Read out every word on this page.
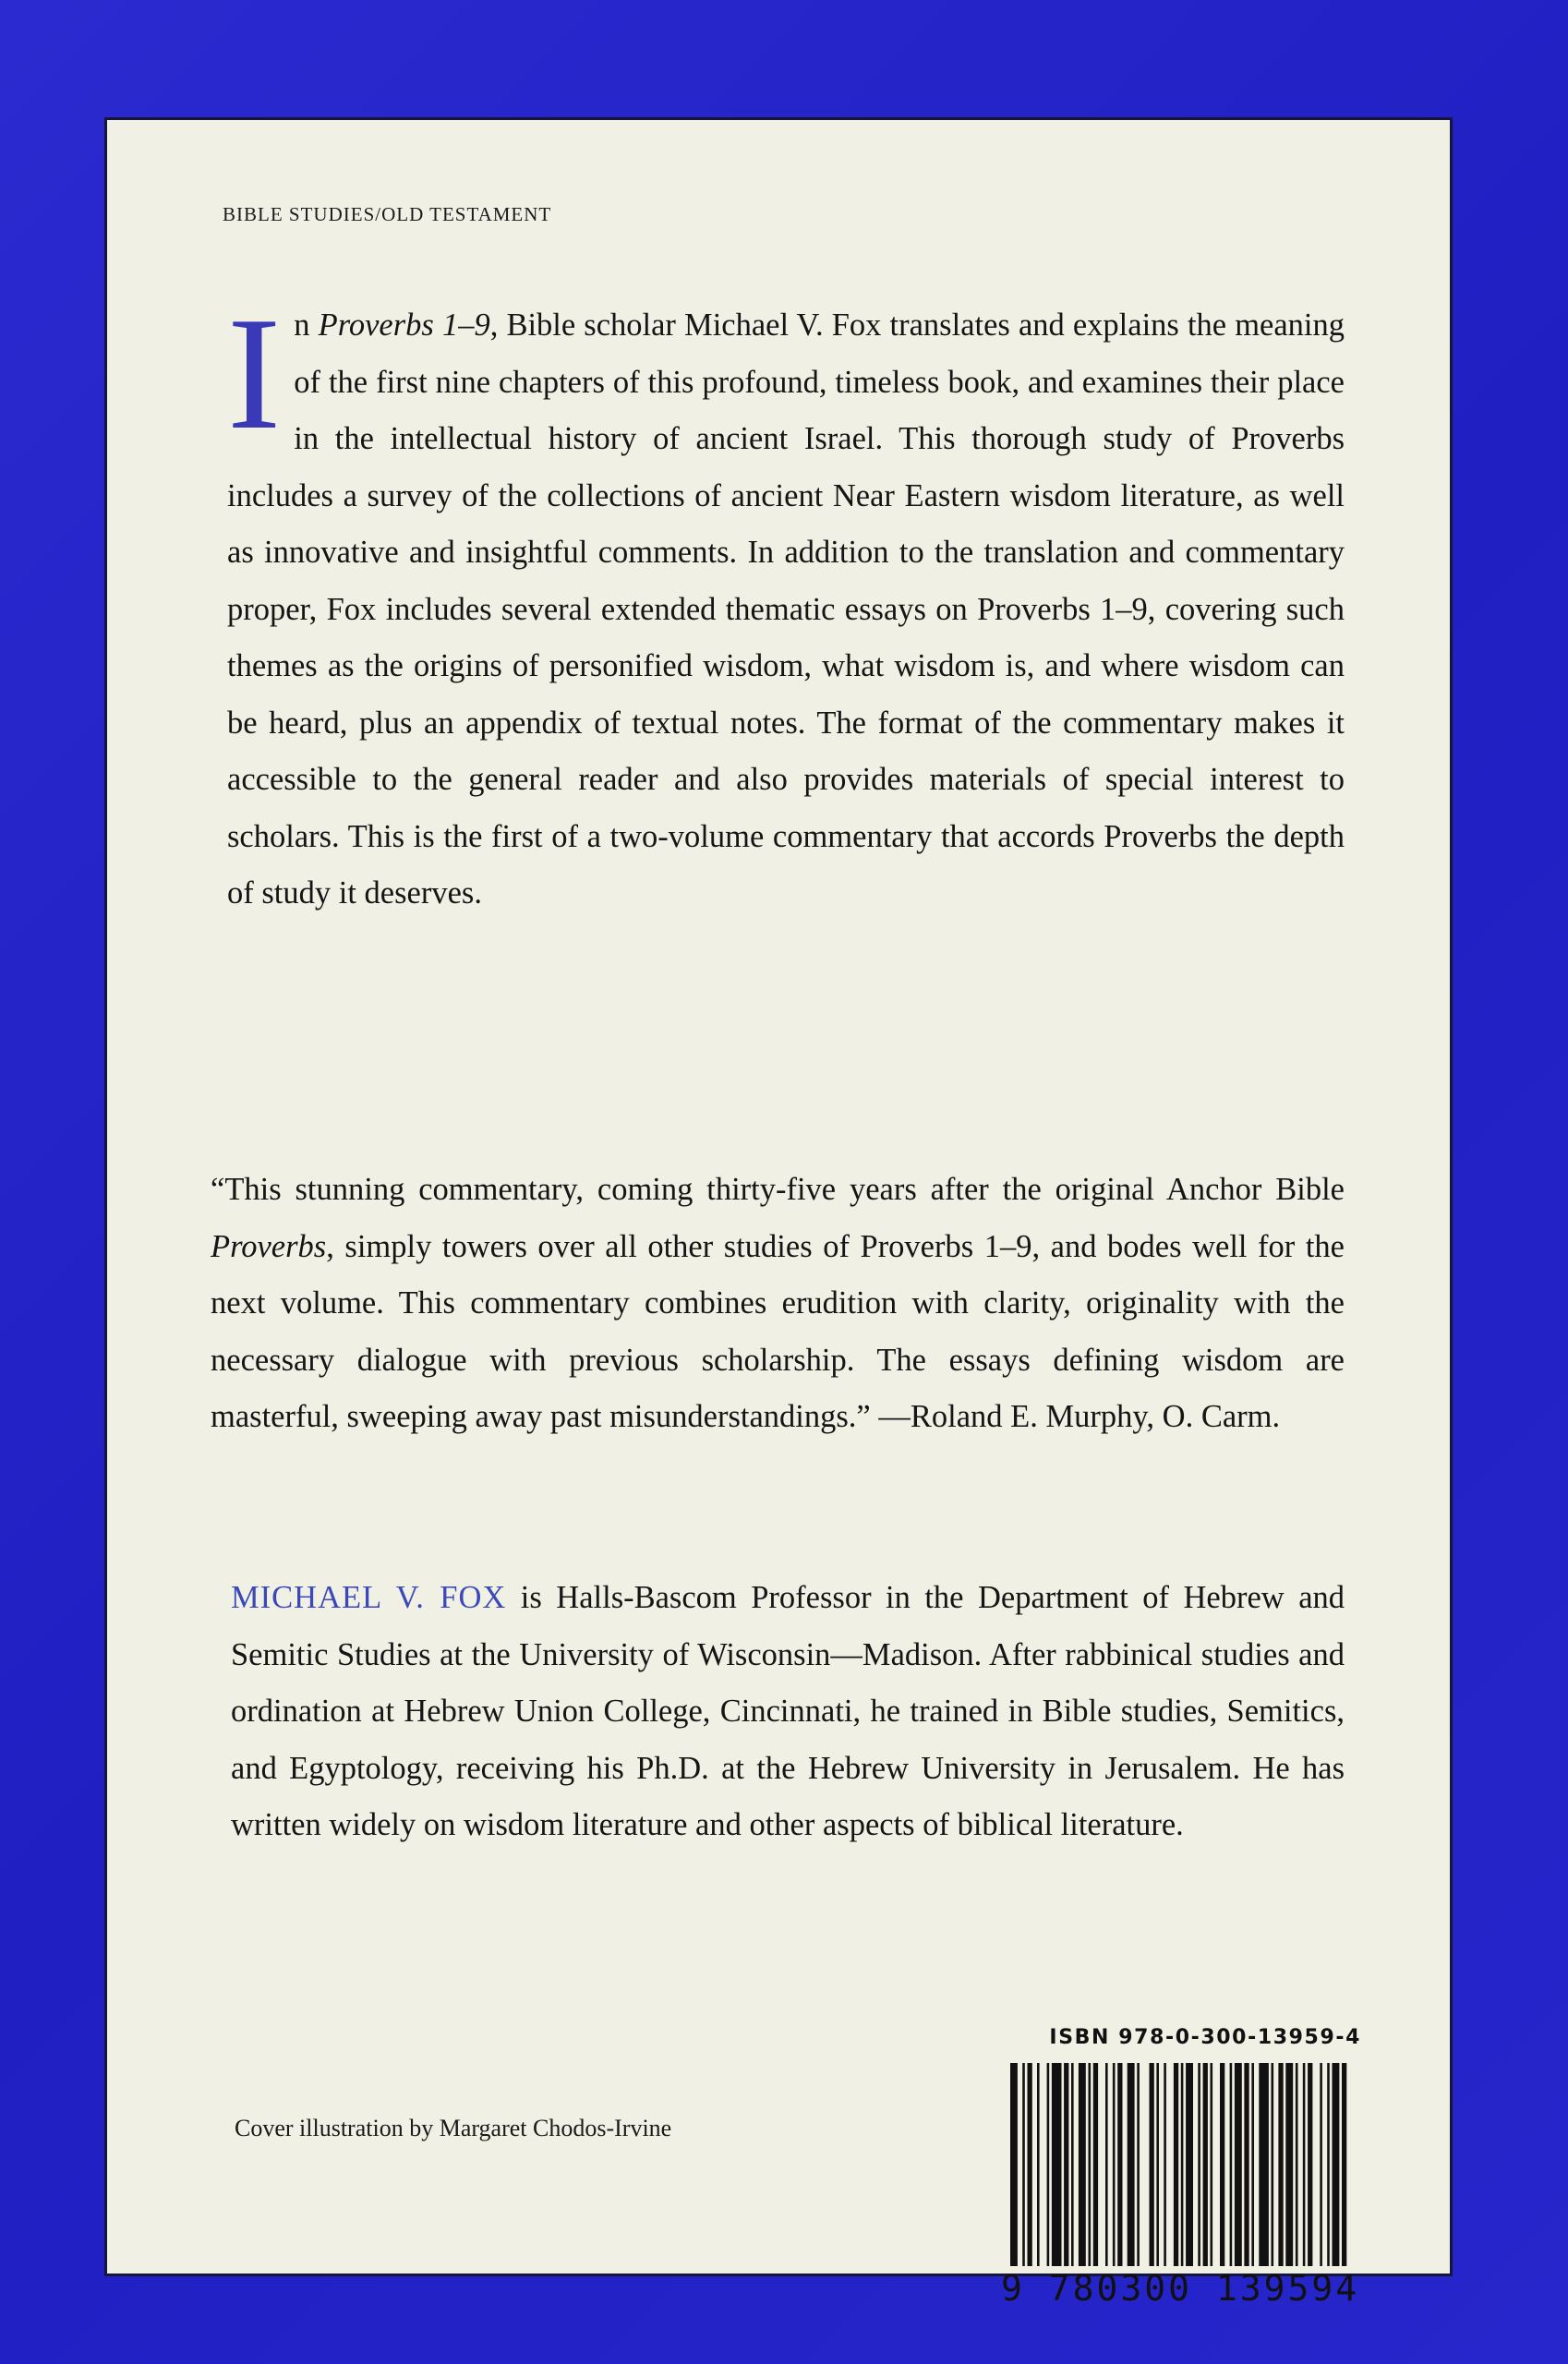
BIBLE STUDIES/OLD TESTAMENT
In Proverbs 1–9, Bible scholar Michael V. Fox translates and explains the meaning of the first nine chapters of this profound, timeless book, and examines their place in the intellectual history of ancient Israel. This thorough study of Proverbs includes a survey of the collections of ancient Near Eastern wisdom literature, as well as innovative and insightful comments. In addition to the translation and commentary proper, Fox includes several extended thematic essays on Proverbs 1–9, covering such themes as the origins of personified wisdom, what wisdom is, and where wisdom can be heard, plus an appendix of textual notes. The format of the commentary makes it accessible to the general reader and also provides materials of special interest to scholars. This is the first of a two-volume commentary that accords Proverbs the depth of study it deserves.
“This stunning commentary, coming thirty-five years after the original Anchor Bible Proverbs, simply towers over all other studies of Proverbs 1–9, and bodes well for the next volume. This commentary combines erudition with clarity, originality with the necessary dialogue with previous scholarship. The essays defining wisdom are masterful, sweeping away past misunderstandings.” —Roland E. Murphy, O. Carm.
MICHAEL V. FOX is Halls-Bascom Professor in the Department of Hebrew and Semitic Studies at the University of Wisconsin—Madison. After rabbinical studies and ordination at Hebrew Union College, Cincinnati, he trained in Bible studies, Semitics, and Egyptology, receiving his Ph.D. at the Hebrew University in Jerusalem. He has written widely on wisdom literature and other aspects of biblical literature.
Cover illustration by Margaret Chodos-Irvine
ISBN 978-0-300-13959-4
9 780300 139594
